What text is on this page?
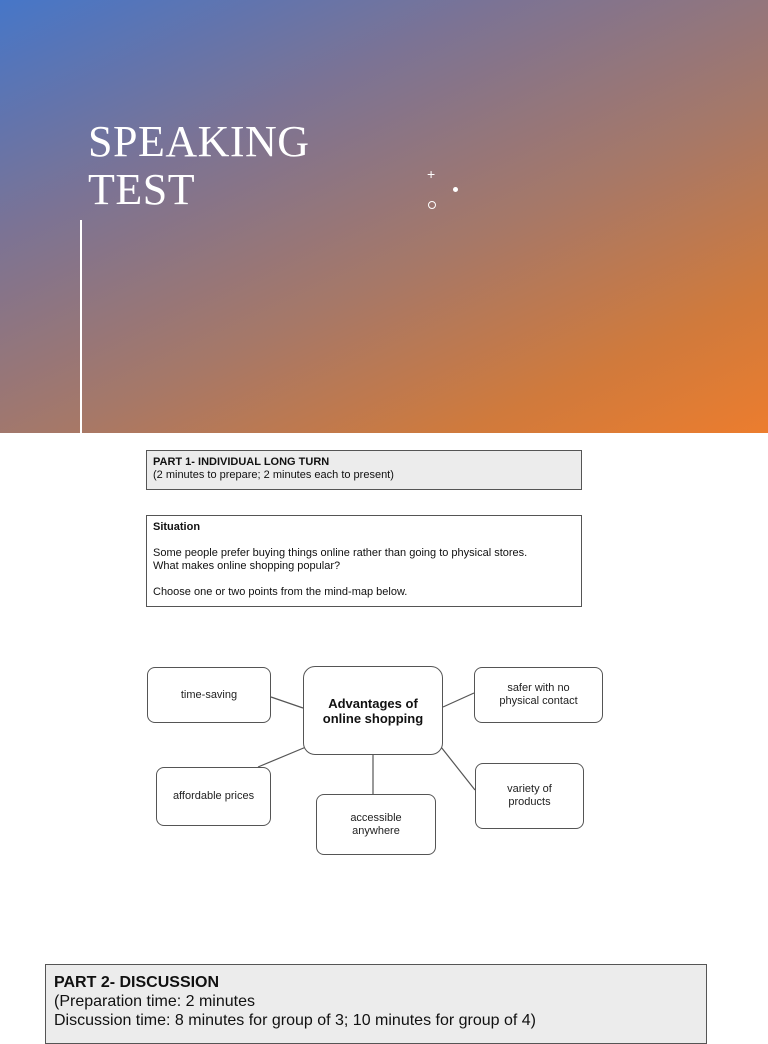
SPEAKING
TEST	+
PART 1- INDIVIDUAL LONG TURN
(2 minutes to prepare; 2 minutes each to present)
Situation
Some people prefer buying things online rather than going to physical stores.
What makes online shopping popular?
Choose one or two points from the mind-map below.
time-saving
Advantages of online shopping
safer with no physical contact
affordable prices
variety of products
accessible anywhere
PART 2- DISCUSSION
(Preparation time: 2 minutes
Discussion time: 8 minutes for group of 3; 10 minutes for group of 4)
